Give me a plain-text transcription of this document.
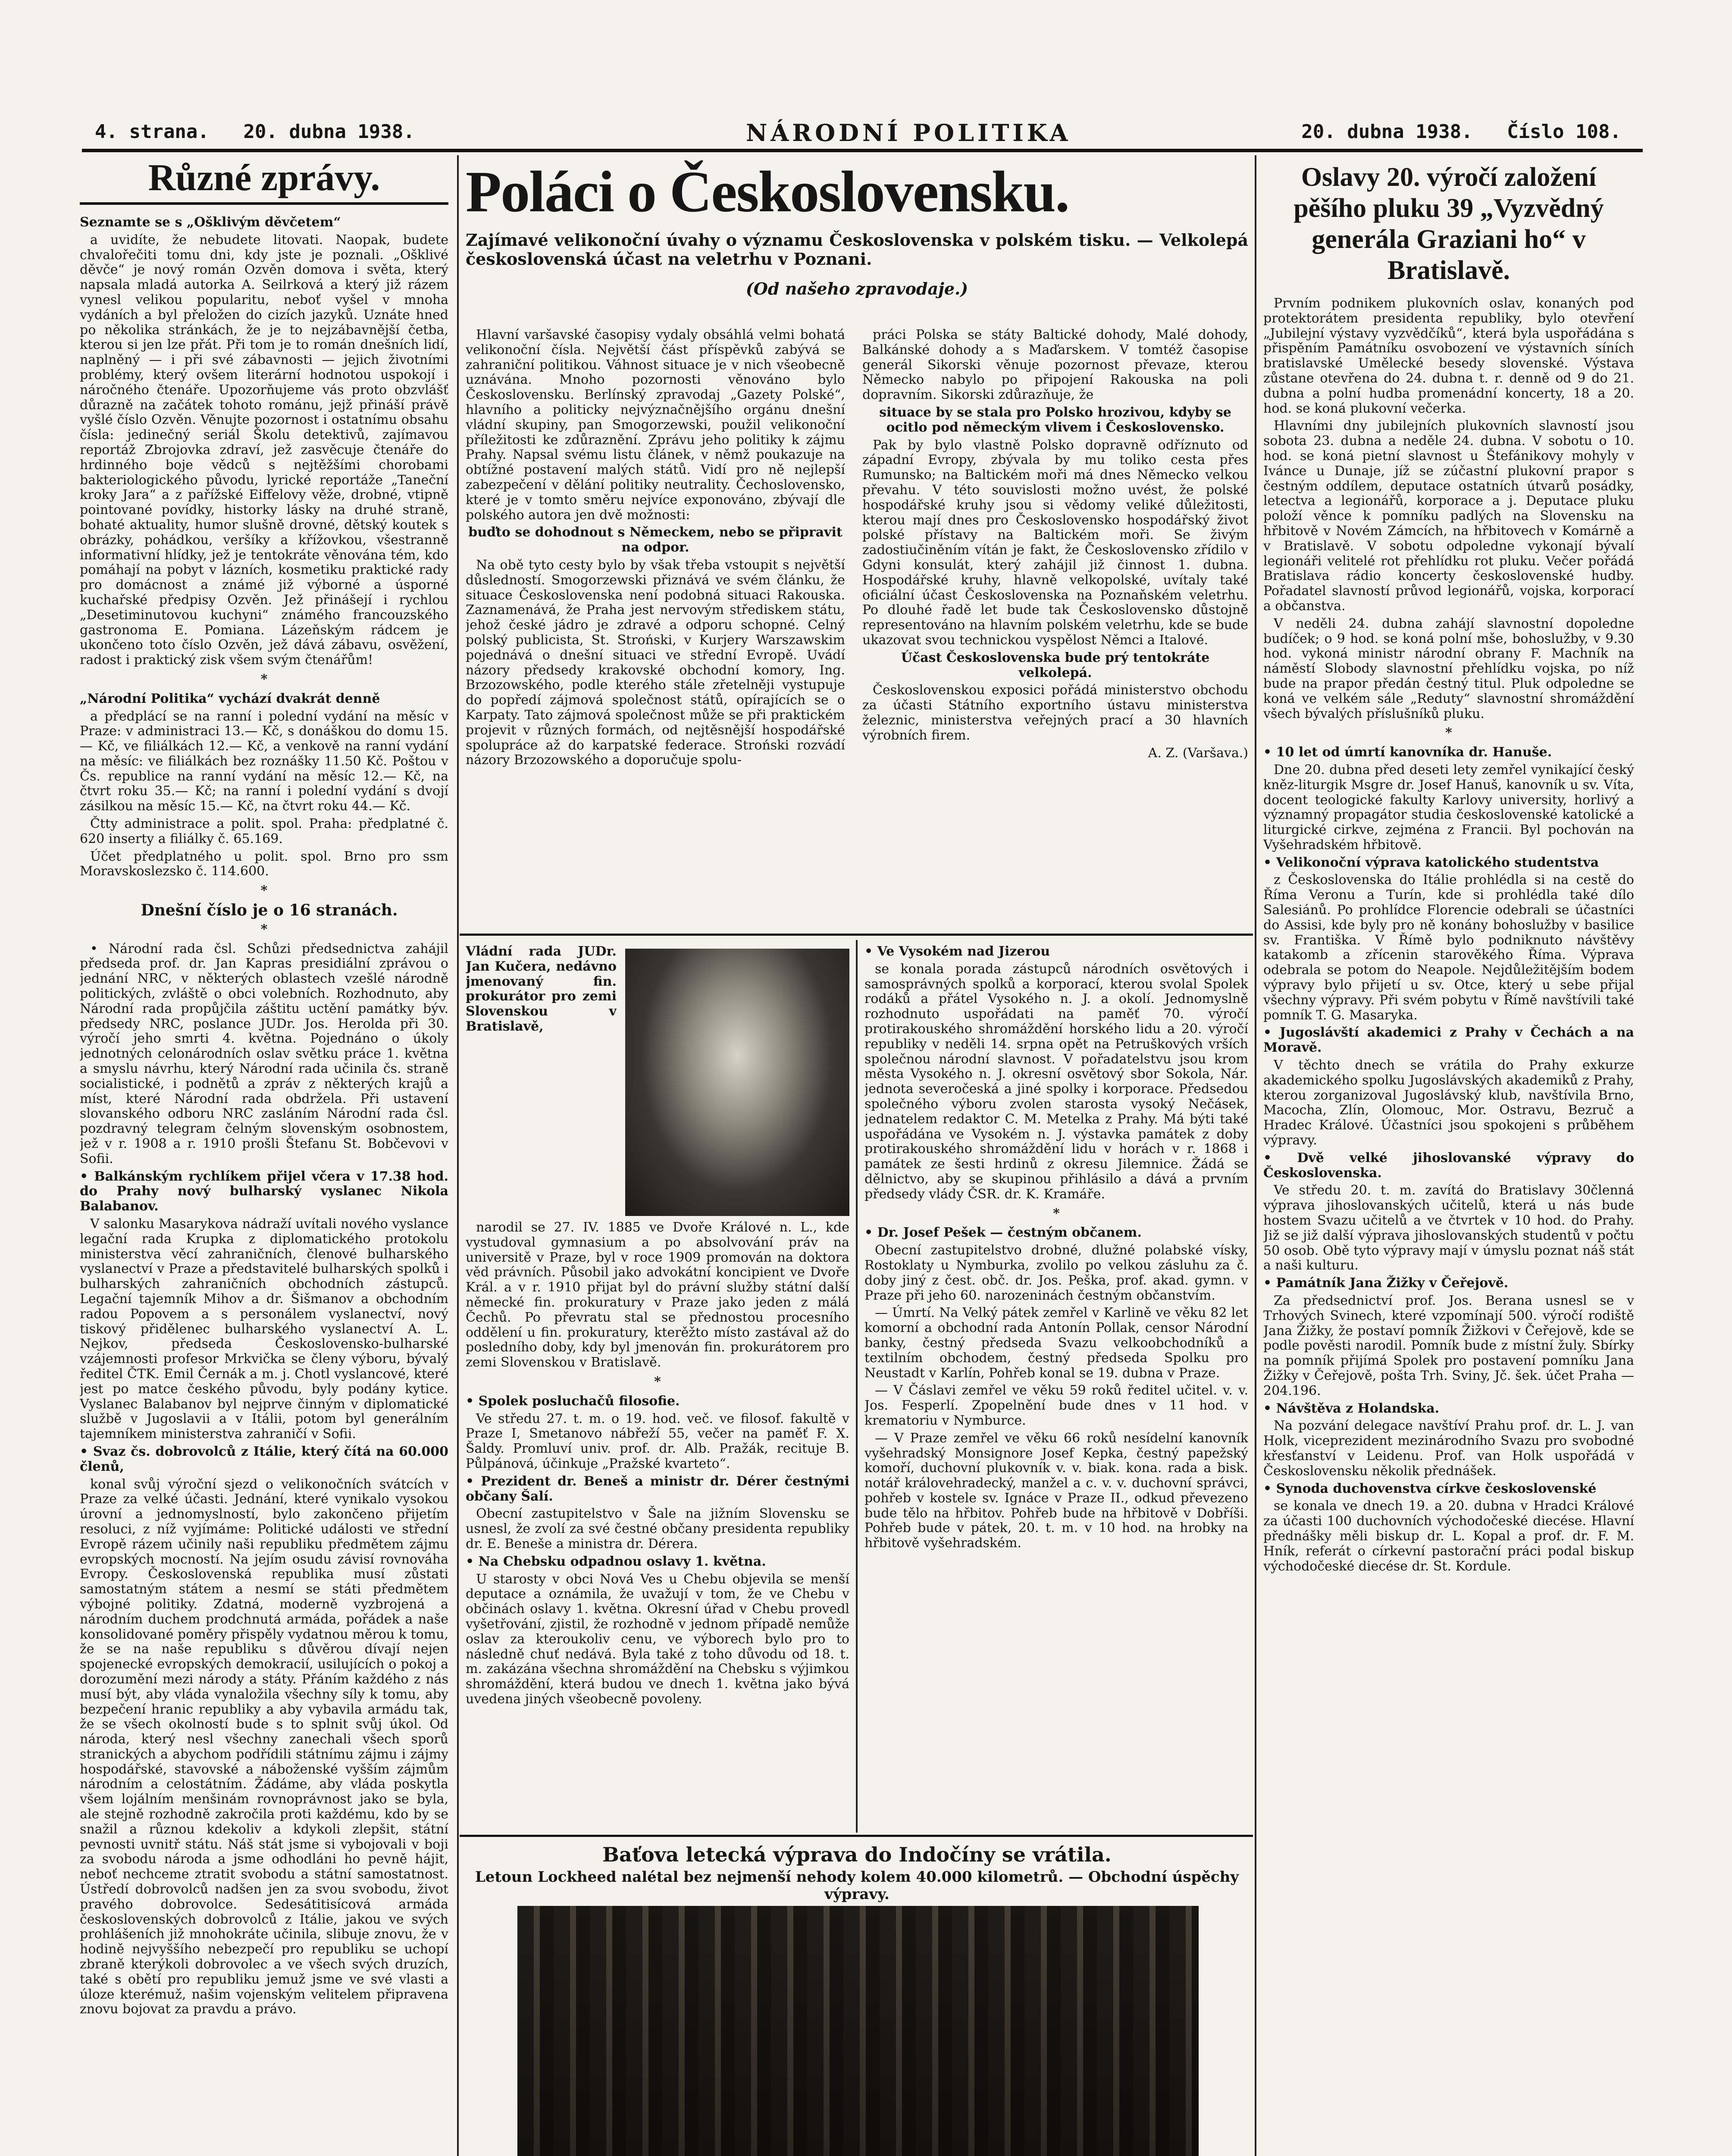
4. strana. 20. dubna 1938.	NÁRODNÍ POLITIKA	20. dubna 1938. Číslo 108.
Různé zprávy.

Seznamte se s „Ošklivým děvčetem“

a uvidíte, že nebudete litovati. Naopak, budete chvalořečiti tomu dni, kdy jste je poznali. „Ošklivé děvče“ je nový román Ozvěn domova i světa, který napsala mladá autorka A. Seilrková a který již rázem vynesl velikou popularitu, neboť vyšel v mnoha vydáních a byl přeložen do cizích jazyků. Uznáte hned po několika stránkách, že je to nejzábavnější četba, kterou si jen lze přát. Při tom je to román dnešních lidí, naplněný — i při své zábavnosti — jejich životními problémy, který ovšem literární hodnotou uspokojí i náročného čtenáře. Upozorňujeme vás proto obzvlášť důrazně na začátek tohoto románu, jejž přináší právě vyšlé číslo Ozvěn. Věnujte pozornost i ostatnímu obsahu čísla: jedinečný seriál Školu detektivů, zajímavou reportáž Zbrojovka zdraví, jež zasvěcuje čtenáře do hrdinného boje vědců s nejtěžšími chorobami bakteriologického původu, lyrické reportáže „Taneční kroky Jara“ a z pařížské Eiffelovy věže, drobné, vtipně pointované povídky, historky lásky na druhé straně, bohaté aktuality, humor slušně drovné, dětský koutek s obrázky, pohádkou, veršíky a křížovkou, všestranně informativní hlídky, jež je tentokráte věnována tém, kdo pomáhají na pobyt v lázních, kosmetiku praktické rady pro domácnost a známé již výborné a úsporné kuchařské předpisy Ozvěn. Jež přinášejí i rychlou „Desetiminutovou kuchyni“ známého francouzského gastronoma E. Pomiana. Lázeňským rádcem je ukončeno toto číslo Ozvěn, jež dává zábavu, osvěžení, radost i praktický zisk všem svým čtenářům!

*

„Národní Politika“ vychází dvakrát denně

a předplácí se na ranní i polední vydání na měsíc v Praze: v administraci 13.— Kč, s donáškou do domu 15.— Kč, ve filiálkách 12.— Kč, a venkově na ranní vydání na měsíc: ve filiálkách bez roznášky 11.50 Kč. Poštou v Čs. republice na ranní vydání na měsíc 12.— Kč, na čtvrt roku 35.— Kč; na ranní i polední vydání s dvojí zásilkou na měsíc 15.— Kč, na čtvrt roku 44.— Kč.

Čtty administrace a polit. spol. Praha: předplatné č. 620 inserty a filiálky č. 65.169.

Účet předplatného u polit. spol. Brno pro ssm Moravskoslezsko č. 114.600.

*

Dnešní číslo je o 16 stranách.

*

• Národní rada čsl. Schůzi předsednictva zahájil předseda prof. dr. Jan Kapras presidiální zprávou o jednání NRC, v některých oblastech vzešlé národně politických, zvláště o obci volebních. Rozhodnuto, aby Národní rada propůjčila záštitu uctění památky býv. předsedy NRC, poslance JUDr. Jos. Herolda při 30. výročí jeho smrti 4. května. Pojednáno o úkoly jednotných celonárodních oslav světku práce 1. května a smyslu návrhu, který Národní rada učinila čs. straně socialistické, i podnětů a zpráv z některých krajů a míst, které Národní rada obdržela. Při ustavení slovanského odboru NRC zasláním Národní rada čsl. pozdravný telegram čelným slovenským osobnostem, jež v r. 1908 a r. 1910 prošli Štefanu St. Bobčevovi v Sofii.

• Balkánským rychlíkem přijel včera v 17.38 hod. do Prahy nový bulharský vyslanec Nikola Balabanov.

V salonku Masarykova nádraží uvítali nového vyslance legační rada Krupka z diplomatického protokolu ministerstva věcí zahraničních, členové bulharského vyslanectví v Praze a představitelé bulharských spolků i bulharských zahraničních obchodních zástupců. Legační tajemník Mihov a dr. Šišmanov a obchodním radou Popovem a s personálem vyslanectví, nový tiskový přidělenec bulharského vyslanectví A. L. Nejkov, předseda Československo-bulharské vzájemnosti profesor Mrkvička se členy výboru, bývalý ředitel ČTK. Emil Černák a m. j. Chotl vyslancové, které jest po matce českého původu, byly podány kytice. Vyslanec Balabanov byl nejprve činným v diplomatické službě v Jugoslavii a v Itálii, potom byl generálním tajemníkem ministerstva zahraničí v Sofii.

• Svaz čs. dobrovolců z Itálie, který čítá na 60.000 členů,

konal svůj výroční sjezd o velikonočních svátcích v Praze za velké účasti. Jednání, které vynikalo vysokou úrovní a jednomyslností, bylo zakončeno přijetím resoluci, z níž vyjímáme: Politické události ve střední Evropě rázem učinily naši republiku předmětem zájmu evropských mocností. Na jejím osudu závisí rovnováha Evropy. Československá republika musí zůstati samostatným státem a nesmí se státi předmětem výbojné politiky. Zdatná, moderně vyzbrojená a národním duchem prodchnutá armáda, pořádek a naše konsolidované poměry přispěly vydatnou měrou k tomu, že se na naše republiku s důvěrou dívají nejen spojenecké evropských demokracií, usilujících o pokoj a dorozumění mezi národy a státy. Přáním každého z nás musí být, aby vláda vynaložila všechny síly k tomu, aby bezpečení hranic republiky a aby vybavila armádu tak, že se všech okolností bude s to splnit svůj úkol. Od národa, který nesl všechny zanechali všech sporů stranických a abychom podřídili státnímu zájmu i zájmy hospodářské, stavovské a náboženské vyšším zájmům národním a celostátním. Žádáme, aby vláda poskytla všem lojálním menšinám rovnoprávnost jako se byla, ale stejně rozhodně zakročila proti každému, kdo by se snažil a různou kdekoliv a kdykoli zlepšit, státní pevnosti uvnitř státu. Náš stát jsme si vybojovali v boji za svobodu národa a jsme odhodláni ho pevně hájit, neboť nechceme ztratit svobodu a státní samostatnost. Ústředí dobrovolců nadšen jen za svou svobodu, život pravého dobrovolce. Sedesátitisícová armáda československých dobrovolců z Itálie, jakou ve svých prohlášeních již mnohokráte učinila, slibuje znovu, že v hodině nejvyššího nebezpečí pro republiku se uchopí zbraně kterýkoli dobrovolec a ve všech svých druzích, také s obětí pro republiku jemuž jsme ve své vlasti a úloze kterémuž, našim vojenským velitelem připravena znovu bojovat za pravdu a právo.

Poláci o Československu.
Zajímavé velikonoční úvahy o významu Československa v polském tisku. — Velkolepá československá účast na veletrhu v Poznani.
(Od našeho zpravodaje.)

Hlavní varšavské časopisy vydaly obsáhlá velmi bohatá velikonoční čísla. Největší část příspěvků zabývá se zahraniční politikou. Váhnost situace je v nich všeobecně uznávána. Mnoho pozornosti věnováno bylo Československu. Berlínský zpravodaj „Gazety Polské“, hlavního a politicky nejvýznačnějšího orgánu dnešní vládní skupiny, pan Smogorzewski, použil velikonoční příležitosti ke zdůraznění. Zprávu jeho politiky k zájmu Prahy. Napsal svému listu článek, v němž poukazuje na obtížné postavení malých států. Vidí pro ně nejlepší zabezpečení v dělání politiky neutrality. Čechoslovensko, které je v tomto směru nejvíce exponováno, zbývají dle polského autora jen dvě možnosti:

buďto se dohodnout s Německem, nebo se připravit na odpor.

Na obě tyto cesty bylo by však třeba vstoupit s největší důsledností. Smogorzewski přiznává ve svém článku, že situace Československa není podobná situaci Rakouska. Zaznamenává, že Praha jest nervovým střediskem státu, jehož české jádro je zdravé a odporu schopné. Celný polský publicista, St. Stroński, v Kurjery Warszawskim pojednává o dnešní situaci ve střední Evropě. Uvádí názory předsedy krakovské obchodní komory, Ing. Brzozowského, podle kterého stále zřetelněji vystupuje do popředí zájmová společnost států, opírajících se o Karpaty. Tato zájmová společnost může se při praktickém projevit v různých formách, od nejtěsnější hospodářské spolupráce až do karpatské federace. Stroński rozvádí názory Brzozowského a doporučuje spolu-

práci Polska se státy Baltické dohody, Malé dohody, Balkánské dohody a s Maďarskem. V tomtéž časopise generál Sikorski věnuje pozornost převaze, kterou Německo nabylo po připojení Rakouska na poli dopravním. Sikorski zdůrazňuje, že

situace by se stala pro Polsko hrozivou, kdyby se ocitlo pod německým vlivem i Československo.

Pak by bylo vlastně Polsko dopravně odříznuto od západní Evropy, zbývala by mu toliko cesta přes Rumunsko; na Baltickém moři má dnes Německo velkou převahu. V této souvislosti možno uvést, že polské hospodářské kruhy jsou si vědomy veliké důležitosti, kterou mají dnes pro Československo hospodářský život polské přístavy na Baltickém moři. Se živým zadostiučiněním vítán je fakt, že Československo zřídilo v Gdyni konsulát, který zahájil již činnost 1. dubna. Hospodářské kruhy, hlavně velkopolské, uvítaly také oficiální účast Československa na Poznaňském veletrhu. Po dlouhé řadě let bude tak Československo důstojně representováno na hlavním polském veletrhu, kde se bude ukazovat svou technickou vyspělost Němci a Italové.

Účast Československa bude prý tentokráte velkolepá.

Československou exposici pořádá ministerstvo obchodu za účasti Státního exportního ústavu ministerstva železnic, ministerstva veřejných prací a 30 hlavních výrobních firem.

A. Z. (Varšava.)

Vládní rada JUDr. Jan Kučera, nedávno jmenovaný fin. prokurátor pro zemi Slovenskou v Bratislavě,

narodil se 27. IV. 1885 ve Dvoře Králové n. L., kde vystudoval gymnasium a po absolvování práv na universitě v Praze, byl v roce 1909 promován na doktora věd právních. Působil jako advokátní koncipient ve Dvoře Král. a v r. 1910 přijat byl do právní služby státní další německé fin. prokuratury v Praze jako jeden z málá Čechů. Po převratu stal se přednostou procesního oddělení u fin. prokuratury, kterěžto místo zastával až do posledního doby, kdy byl jmenován fin. prokurátorem pro zemi Slovenskou v Bratislavě.

*

• Spolek posluchačů filosofie.

Ve středu 27. t. m. o 19. hod. več. ve filosof. fakultě v Praze I, Smetanovo nábřeží 55, večer na paměť F. X. Šaldy. Promluví univ. prof. dr. Alb. Pražák, recituje B. Půlpánová, účinkuje „Pražské kvarteto“.

• Prezident dr. Beneš a ministr dr. Dérer čestnými občany Šalí.

Obecní zastupitelstvo v Šale na jižním Slovensku se usnesl, že zvolí za své čestné občany presidenta republiky dr. E. Beneše a ministra dr. Dérera.

• Na Chebsku odpadnou oslavy 1. května.

U starosty v obci Nová Ves u Chebu objevila se menší deputace a oznámila, že uvažují v tom, že ve Chebu v občinách oslavy 1. května. Okresní úřad v Chebu provedl vyšetřování, zjistil, že rozhodně v jednom případě nemůže oslav za kteroukoliv cenu, ve výborech bylo pro to následně chuť nedává. Byla také z toho důvodu od 18. t. m. zakázána všechna shromáždění na Chebsku s výjimkou shromáždění, která budou ve dnech 1. května jako bývá uvedena jiných všeobecně povoleny.

• Ve Vysokém nad Jizerou

se konala porada zástupců národních osvětových i samosprávných spolků a korporací, kterou svolal Spolek rodáků a přátel Vysokého n. J. a okolí. Jednomyslně rozhodnuto uspořádati na paměť 70. výročí protirakouského shromáždění horského lidu a 20. výročí republiky v neděli 14. srpna opět na Petruškových vrších společnou národní slavnost. V pořadatelstvu jsou krom města Vysokého n. J. okresní osvětový sbor Sokola, Nár. jednota severočeská a jiné spolky i korporace. Předsedou společného výboru zvolen starosta vysoký Nečásek, jednatelem redaktor C. M. Metelka z Prahy. Má býti také uspořádána ve Vysokém n. J. výstavka památek z doby protirakouského shromáždění lidu v horách v r. 1868 i památek ze šesti hrdinů z okresu Jilemnice. Žádá se dělnictvo, aby se skupinou přihlásilo a dává a prvním předsedy vlády ČSR. dr. K. Kramáře.

*

• Dr. Josef Pešek — čestným občanem.

Obecní zastupitelstvo drobné, dlužné polabské vísky, Rostoklaty u Nymburka, zvolilo po velkou zásluhu za č. doby jiný z čest. obč. dr. Jos. Peška, prof. akad. gymn. v Praze při jeho 60. narozeninách čestným občanstvím.

— Úmrtí. Na Velký pátek zemřel v Karlině ve věku 82 let komorní a obchodní rada Antonín Pollak, censor Národní banky, čestný předseda Svazu velkoobchodníků a textilním obchodem, čestný předseda Spolku pro Neustadt v Karlín, Pohřeb konal se 19. dubna v Praze.

— V Čáslavi zemřel ve věku 59 roků ředitel učitel. v. v. Jos. Fesperlí. Zpopelnění bude dnes v 11 hod. v krematoriu v Nymburce.

— V Praze zemřel ve věku 66 roků nesídelní kanovník vyšehradský Monsignore Josef Kepka, čestný papežský komoří, duchovní plukovník v. v. biak. kona. rada a bisk. notář královehradecký, manžel a c. v. v. duchovní správci, pohřeb v kostele sv. Ignáce v Praze II., odkud převezeno bude tělo na hřbitov. Pohřeb bude na hřbitově v Dobříši. Pohřeb bude v pátek, 20. t. m. v 10 hod. na hrobky na hřbitově vyšehradském.

Baťova letecká výprava do Indočíny se vrátila.
Letoun Lockheed nalétal bez nejmenší nehody kolem 40.000 kilometrů. — Obchodní úspěchy výpravy.

Oslavy 20. výročí založení pěšího pluku 39 „Vyzvědný generála Graziani ho“ v Bratislavě.

Prvním podnikem plukovních oslav, konaných pod protektorátem presidenta republiky, bylo otevření „Jubilejní výstavy vyzvědčíků“, která byla uspořádána s přispěním Památníku osvobození ve výstavních síních bratislavské Umělecké besedy slovenské. Výstava zůstane otevřena do 24. dubna t. r. denně od 9 do 21. dubna a polní hudba promenádní koncerty, 18 a 20. hod. se koná plukovní večerka.

Hlavními dny jubilejních plukovních slavností jsou sobota 23. dubna a neděle 24. dubna. V sobotu o 10. hod. se koná pietní slavnost u Štefánikovy mohyly v Ivánce u Dunaje, jíž se zúčastní plukovní prapor s čestným oddílem, deputace ostatních útvarů posádky, letectva a legionářů, korporace a j. Deputace pluku položí věnce k pomníku padlých na Slovensku na hřbitově v Novém Zámcích, na hřbitovech v Komárně a v Bratislavě. V sobotu odpoledne vykonají bývalí legionáři velitelé rot přehlídku rot pluku. Večer pořádá Bratislava rádio koncerty československé hudby. Pořadatel slavností průvod legionářů, vojska, korporací a občanstva.

V neděli 24. dubna zahájí slavnostní dopoledne budíček; o 9 hod. se koná polní mše, bohoslužby, v 9.30 hod. vykoná ministr národní obrany F. Machník na náměstí Slobody slavnostní přehlídku vojska, po níž bude na prapor předán čestný titul. Pluk odpoledne se koná ve velkém sále „Reduty“ slavnostní shromáždění všech bývalých příslušníků pluku.

*

• 10 let od úmrtí kanovníka dr. Hanuše.

Dne 20. dubna před deseti lety zemřel vynikající český kněz-liturgik Msgre dr. Josef Hanuš, kanovník u sv. Víta, docent teologické fakulty Karlovy university, horlivý a významný propagátor studia československé katolické a liturgické cirkve, zejména z Francii. Byl pochován na Vyšehradském hřbitově.

• Velikonoční výprava katolického studentstva

z Československa do Itálie prohlédla si na cestě do Říma Veronu a Turín, kde si prohlédla také dílo Salesiánů. Po prohlídce Florencie odebrali se účastníci do Assisi, kde byly pro ně konány bohoslužby v basilice sv. Františka. V Římě bylo podniknuto návštěvy katakomb a zřícenin starověkého Říma. Výprava odebrala se potom do Neapole. Nejdůležitějším bodem výpravy bylo přijetí u sv. Otce, který u sebe přijal všechny výpravy. Při svém pobytu v Římě navštívili také pomník T. G. Masaryka.

• Jugoslávští akademici z Prahy v Čechách a na Moravě.

V těchto dnech se vrátila do Prahy exkurze akademického spolku Jugoslávských akademiků z Prahy, kterou zorganizoval Jugoslávský klub, navštívila Brno, Macocha, Zlín, Olomouc, Mor. Ostravu, Bezruč a Hradec Králové. Účastníci jsou spokojeni s průběhem výpravy.

• Dvě velké jihoslovanské výpravy do Československa.

Ve středu 20. t. m. zavítá do Bratislavy 30členná výprava jihoslovanských učitelů, která u nás bude hostem Svazu učitelů a ve čtvrtek v 10 hod. do Prahy. Již se již další výprava jihoslovanských studentů v počtu 50 osob. Obě tyto výpravy mají v úmyslu poznat náš stát a naši kulturu.

• Památník Jana Žižky v Čeřejově.

Za předsednictví prof. Jos. Berana usnesl se v Trhových Svinech, které vzpomínají 500. výročí rodiště Jana Žižky, že postaví pomník Žižkovi v Čeřejově, kde se podle pověsti narodil. Pomník bude z místní žuly. Sbírky na pomník přijímá Spolek pro postavení pomníku Jana Žižky v Čeřejově, pošta Trh. Sviny, Jč. šek. účet Praha — 204.196.

• Návštěva z Holandska.

Na pozvání delegace navštíví Prahu prof. dr. L. J. van Holk, viceprezident mezinárodního Svazu pro svobodné křesťanství v Leidenu. Prof. van Holk uspořádá v Československu několik přednášek.

• Synoda duchovenstva církve československé

se konala ve dnech 19. a 20. dubna v Hradci Králové za účasti 100 duchovních východočeské diecése. Hlavní přednášky měli biskup dr. L. Kopal a prof. dr. F. M. Hník, referát o církevní pastorační práci podal biskup východočeské diecése dr. St. Kordule.
